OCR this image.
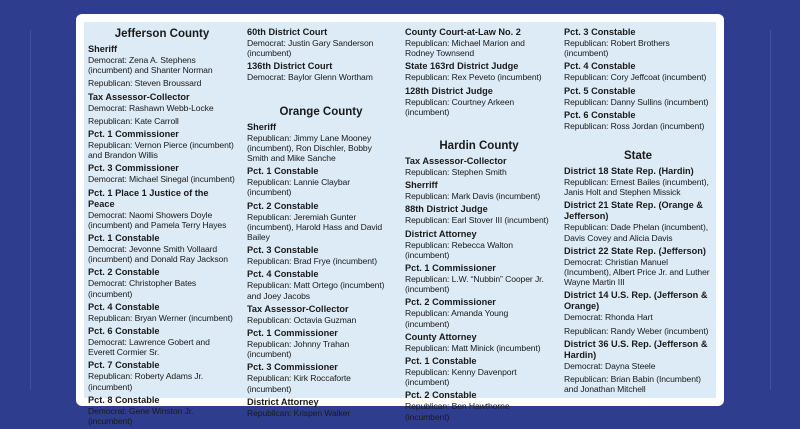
Jefferson County
Sheriff
Democrat: Zena A. Stephens (incumbent) and Shanter Norman
Republican: Steven Broussard
Tax Assessor-Collector
Democrat: Rashawn Webb-Locke
Republican: Kate Carroll
Pct. 1 Commissioner
Republican: Vernon Pierce (incumbent) and Brandon Willis
Pct. 3 Commissioner
Democrat: Michael Sinegal (incumbent)
Pct. 1 Place 1 Justice of the Peace
Democrat: Naomi Showers Doyle (incumbent) and Pamela Terry Hayes
Pct. 1 Constable
Democrat: Jevonne Smith Vollaard (incumbent) and Donald Ray Jackson
Pct. 2 Constable
Democrat: Christopher Bates (incumbent)
Pct. 4 Constable
Republican: Bryan Werner (incumbent)
Pct. 6 Constable
Democrat: Lawrence Gobert and Everett Cormier Sr.
Pct. 7 Constable
Republican: Roberty Adams Jr. (incumbent)
Pct. 8 Constable
Democrat: Gene Winston Jr. (incumbent)
60th District Court
Democrat: Justin Gary Sanderson (incumbent)
136th District Court
Democrat: Baylor Glenn Wortham
Orange County
Sheriff
Republican: Jimmy Lane Mooney (incumbent), Ron Dischler, Bobby Smith and Mike Sanche
Pct. 1 Constable
Republican: Lannie Claybar (incumbent)
Pct. 2 Constable
Republican: Jeremiah Gunter (incumbent), Harold Hass and David Bailey
Pct. 3 Constable
Republican: Brad Frye (incumbent)
Pct. 4 Constable
Republican: Matt Ortego (incumbent) and Joey Jacobs
Tax Assessor-Collector
Republican: Octavia Guzman
Pct. 1 Commissioner
Republican: Johnny Trahan (incumbent)
Pct. 3 Commissioner
Republican: Kirk Roccaforte (incumbent)
District Attorney
Republican: Krispen Walker
County Court-at-Law No. 2
Republican: Michael Marion and Rodney Townsend
State 163rd District Judge
Republican: Rex Peveto (incumbent)
128th District Judge
Republican: Courtney Arkeen (incumbent)
Hardin County
Tax Assessor-Collector
Republican: Stephen Smith
Sherriff
Republican: Mark Davis (incumbent)
88th District Judge
Republican: Earl Stover III (incumbent)
District Attorney
Republican: Rebecca Walton (incumbent)
Pct. 1 Commissioner
Republican: L.W. “Nubbin” Cooper Jr. (incumbent)
Pct. 2 Commissioner
Republican: Amanda Young (incumbent)
County Attorney
Republican: Matt Minick (incumbent)
Pct. 1 Constable
Republican: Kenny Davenport (incumbent)
Pct. 2 Constable
Republican: Ben Hawthorne (incumbent)
Pct. 3 Constable
Republican: Robert Brothers (incumbent)
Pct. 4 Constable
Republican: Cory Jeffcoat (incumbent)
Pct. 5 Constable
Republican: Danny Sullins (incumbent)
Pct. 6 Constable
Republican: Ross Jordan (incumbent)
State
District 18 State Rep. (Hardin)
Republican: Ernest Bailes (incumbent), Janis Holt and Stephen Missick
District 21 State Rep. (Orange & Jefferson)
Republican: Dade Phelan (incumbent), Davis Covey and Alicia Davis
District 22 State Rep. (Jefferson)
Democrat: Christian Manuel (Incumbent), Albert Price Jr. and Luther Wayne Martin III
District 14 U.S. Rep. (Jefferson & Orange)
Democrat: Rhonda Hart
Republican: Randy Weber (incumbent)
District 36 U.S. Rep. (Jefferson & Hardin)
Democrat: Dayna Steele
Republican: Brian Babin (Incumbent) and Jonathan Mitchell
